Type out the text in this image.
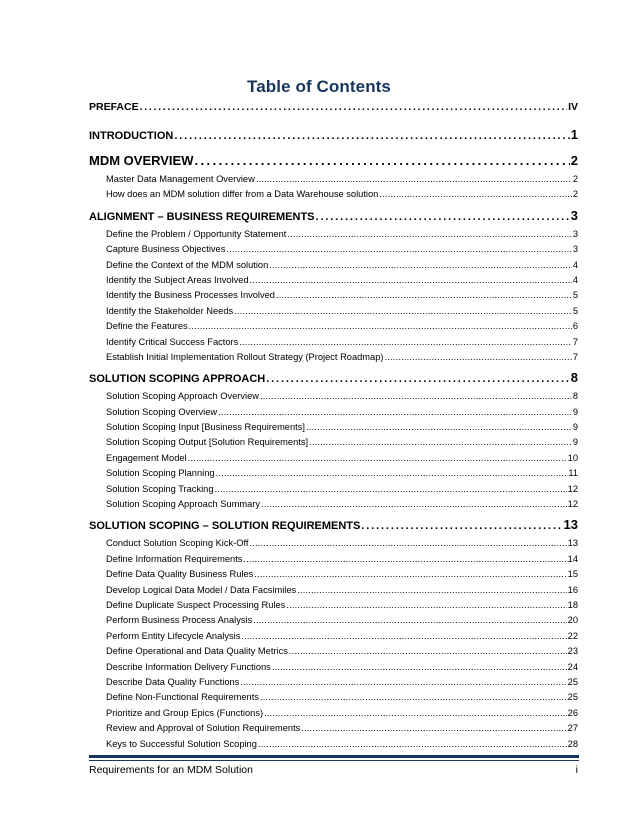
Table of Contents
PREFACE . . .	IV
INTRODUCTION . . .	1
MDM OVERVIEW . . .	2
Master Data Management Overview . . .	2
How does an MDM solution differ from a Data Warehouse solution . . .	2
ALIGNMENT – BUSINESS REQUIREMENTS . . .	3
Define the Problem / Opportunity Statement . . .	3
Capture Business Objectives . . .	3
Define the Context of the MDM solution . . .	4
Identify the Subject Areas Involved . . .	4
Identify the Business Processes Involved . . .	5
Identify the Stakeholder Needs . . .	5
Define the Features . . .	6
Identify Critical Success Factors . . .	7
Establish Initial Implementation Rollout Strategy (Project Roadmap) . . .	7
SOLUTION SCOPING APPROACH . . .	8
Solution Scoping Approach Overview . . .	8
Solution Scoping Overview . . .	9
Solution Scoping Input [Business Requirements] . . .	9
Solution Scoping Output [Solution Requirements] . . .	9
Engagement Model . . .	10
Solution Scoping Planning . . .	11
Solution Scoping Tracking . . .	12
Solution Scoping Approach Summary . . .	12
SOLUTION SCOPING – SOLUTION REQUIREMENTS . . .	13
Conduct Solution Scoping Kick-Off . . .	13
Define Information Requirements . . .	14
Define Data Quality Business Rules . . .	15
Develop Logical Data Model / Data Facsimiles . . .	16
Define Duplicate Suspect Processing Rules . . .	18
Perform Business Process Analysis . . .	20
Perform Entity Lifecycle Analysis . . .	22
Define Operational and Data Quality Metrics . . .	23
Describe Information Delivery Functions . . .	24
Describe Data Quality Functions . . .	25
Define Non-Functional Requirements . . .	25
Prioritize and Group Epics (Functions) . . .	26
Review and Approval of Solution Requirements . . .	27
Keys to Successful Solution Scoping . . .	28
Requirements for an MDM Solution	i
